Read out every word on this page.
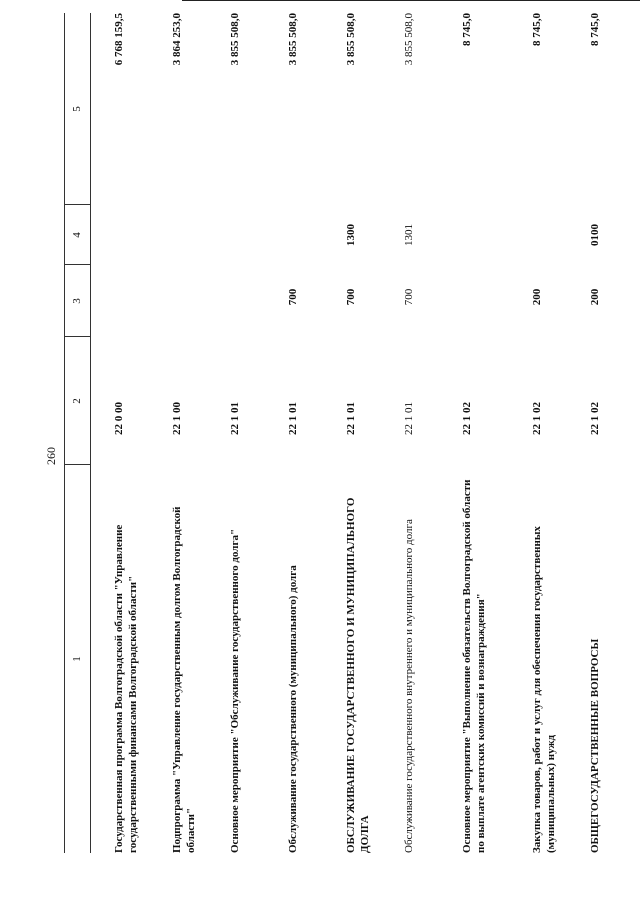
260
1
2
3
4
5
Государственная программа Волгоградской области "Управление государственными финансами Волгоградской области"
22 0 00
6 768 159,5
Подпрограмма "Управление государственным долгом Волгоградской области"
22 1 00
3 864 253,0
Основное мероприятие "Обслуживание государственного долга"
22 1 01
3 855 508,0
Обслуживание государственного (муниципального) долга
22 1 01
700
3 855 508,0
ОБСЛУЖИВАНИЕ ГОСУДАРСТВЕННОГО И МУНИЦИПАЛЬНОГО ДОЛГА
22 1 01
700
1300
3 855 508,0
Обслуживание государственного внутреннего и муниципального долга
22 1 01
700
1301
3 855 508,0
Основное мероприятие "Выполнение обязательств Волгоградской области по выплате агентских комиссий и вознаграждения"
22 1 02
8 745,0
Закупка товаров, работ и услуг для обеспечения государственных (муниципальных) нужд
22 1 02
200
8 745,0
ОБЩЕГОСУДАРСТВЕННЫЕ ВОПРОСЫ
22 1 02
200
0100
8 745,0
